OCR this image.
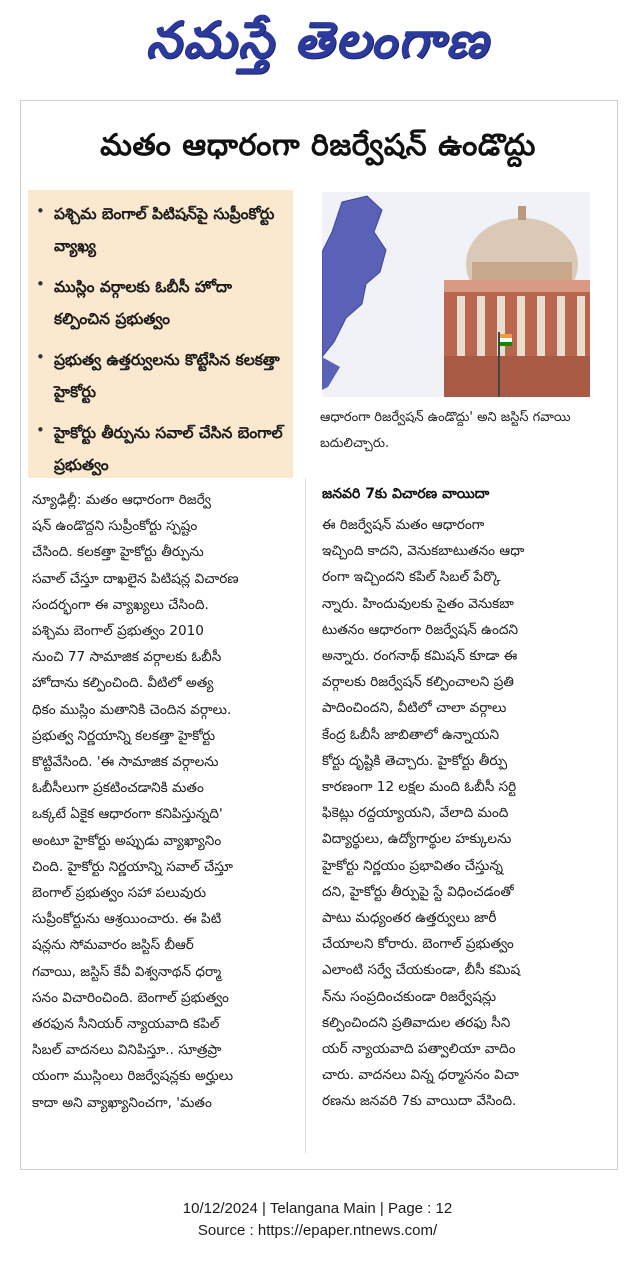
నమస్తే తెలంగాణ
మతం ఆధారంగా రిజర్వేషన్ ఉండొద్దు
• పశ్చిమ బెంగాల్ పిటిషన్‌పై సుప్రీంకోర్టు వ్యాఖ్య
• ముస్లిం వర్గాలకు ఓబీసీ హోదా కల్పించిన ప్రభుత్వం
• ప్రభుత్వ ఉత్తర్వులను కొట్టేసిన కలకత్తా హైకోర్టు
• హైకోర్టు తీర్పును సవాల్ చేసిన బెంగాల్ ప్రభుత్వం
ఆధారంగా రిజర్వేషన్ ఉండొద్దు' అని జస్టిస్ గవాయి బదులిచ్చారు.
న్యూఢిల్లీ: మతం ఆధారంగా రిజర్వే
షన్ ఉండొద్దని సుప్రీంకోర్టు స్పష్టం
చేసింది. కలకత్తా హైకోర్టు తీర్పును
సవాల్ చేస్తూ దాఖలైన పిటిషన్ల విచారణ
సందర్భంగా ఈ వ్యాఖ్యలు చేసింది.
పశ్చిమ బెంగాల్ ప్రభుత్వం 2010
నుంచి 77 సామాజిక వర్గాలకు ఓబీసీ
హోదాను కల్పించింది. వీటిలో అత్య
ధికం ముస్లిం మతానికి చెందిన వర్గాలు.
ప్రభుత్వ నిర్ణయాన్ని కలకత్తా హైకోర్టు
కొట్టివేసింది. 'ఈ సామాజిక వర్గాలను
ఓబీసీలుగా ప్రకటించడానికి మతం
ఒక్కటే ఏకైక ఆధారంగా కనిపిస్తున్నది'
అంటూ హైకోర్టు అప్పుడు వ్యాఖ్యానిం
చింది. హైకోర్టు నిర్ణయాన్ని సవాల్ చేస్తూ
బెంగాల్ ప్రభుత్వం సహా పలువురు
సుప్రీంకోర్టును ఆశ్రయించారు. ఈ పిటి
షన్లను సోమవారం జస్టిస్ బీఆర్
గవాయి, జస్టిస్ కేవీ విశ్వనాథన్ ధర్మా
సనం విచారించింది. బెంగాల్ ప్రభుత్వం
తరఫున సీనియర్ న్యాయవాది కపిల్
సిబల్ వాదనలు వినిపిస్తూ.. సూత్రప్రా
యంగా ముస్లింలు రిజర్వేషన్లకు అర్హులు
కాదా అని వ్యాఖ్యానించగా, 'మతం
జనవరి 7కు విచారణ వాయిదా
ఈ రిజర్వేషన్ మతం ఆధారంగా
ఇచ్చింది కాదని, వెనుకబాటుతనం ఆధా
రంగా ఇచ్చిందని కపిల్ సిబల్ పేర్కొ
న్నారు. హిందువులకు సైతం వెనుకబా
టుతనం ఆధారంగా రిజర్వేషన్ ఉందని
అన్నారు. రంగనాథ్ కమిషన్ కూడా ఈ
వర్గాలకు రిజర్వేషన్ కల్పించాలని ప్రతి
పాదించిందని, వీటిలో చాలా వర్గాలు
కేంద్ర ఓబీసీ జాబితాలో ఉన్నాయని
కోర్టు దృష్టికి తెచ్చారు. హైకోర్టు తీర్పు
కారణంగా 12 లక్షల మంది ఓబీసీ సర్టి
ఫికెట్లు రద్దయ్యాయని, వేలాది మంది
విద్యార్థులు, ఉద్యోగార్థుల హక్కులను
హైకోర్టు నిర్ణయం ప్రభావితం చేస్తున్న
దని, హైకోర్టు తీర్పుపై స్టే విధించడంతో
పాటు మధ్యంతర ఉత్తర్వులు జారీ
చేయాలని కోరారు. బెంగాల్ ప్రభుత్వం
ఎలాంటి సర్వే చేయకుండా, బీసీ కమిష
న్‌ను సంప్రదించకుండా రిజర్వేషన్లు
కల్పించిందని ప్రతివాదుల తరఫు సీని
యర్ న్యాయవాది పత్వాలియా వాదిం
చారు. వాదనలు విన్న ధర్మాసనం విచా
రణను జనవరి 7కు వాయిదా వేసింది.
10/12/2024 | Telangana Main | Page : 12
Source : https://epaper.ntnews.com/
